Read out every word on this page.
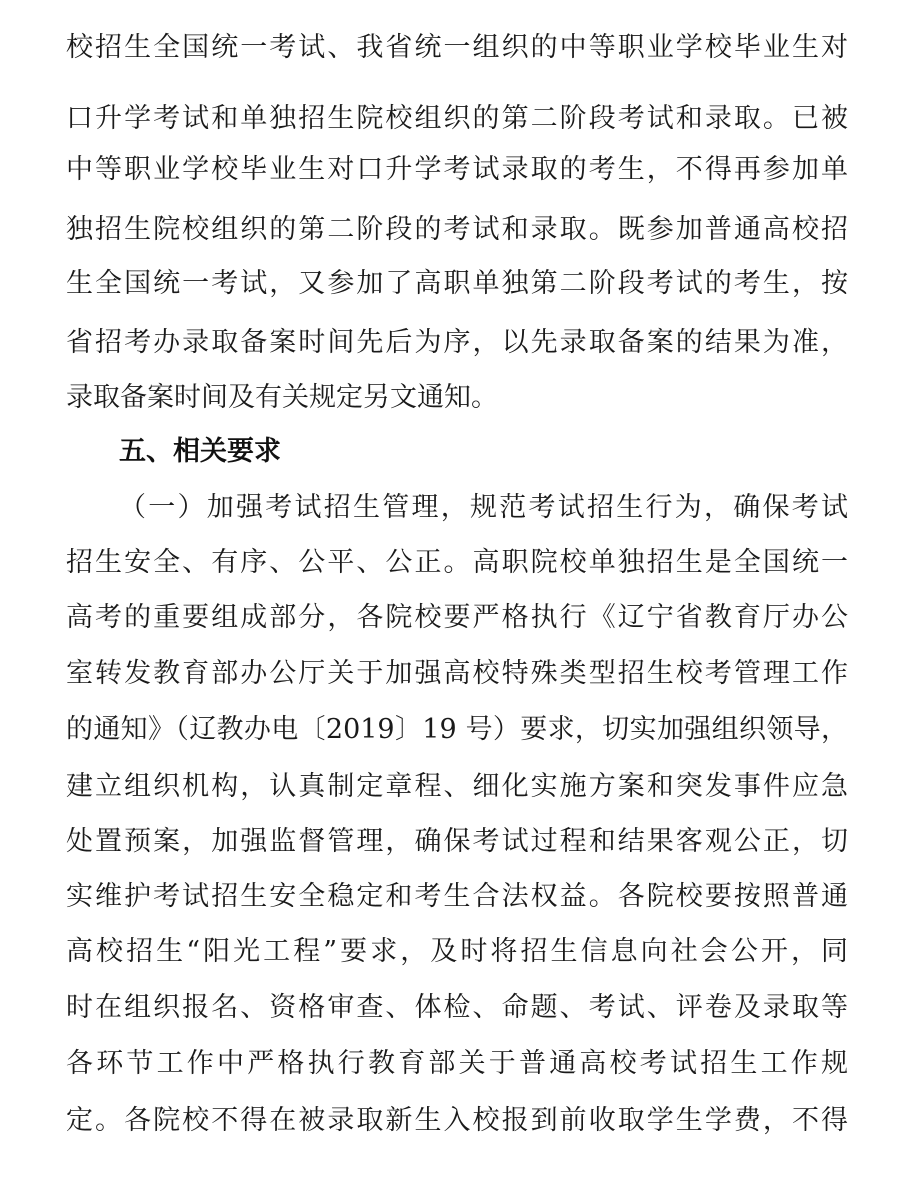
校招生全国统一考试、我省统一组织的中等职业学校毕业生对
口升学考试和单独招生院校组织的第二阶段考试和录取。已被
中等职业学校毕业生对口升学考试录取的考生，不得再参加单
独招生院校组织的第二阶段的考试和录取。既参加普通高校招
生全国统一考试，又参加了高职单独第二阶段考试的考生，按
省招考办录取备案时间先后为序，以先录取备案的结果为准，
录取备案时间及有关规定另文通知。
五、相关要求
（一）加强考试招生管理，规范考试招生行为，确保考试
招生安全、有序、公平、公正。高职院校单独招生是全国统一
高考的重要组成部分，各院校要严格执行《辽宁省教育厅办公
室转发教育部办公厅关于加强高校特殊类型招生校考管理工作
的通知》（辽教办电〔2019〕19 号）要求，切实加强组织领导，
建立组织机构，认真制定章程、细化实施方案和突发事件应急
处置预案，加强监督管理，确保考试过程和结果客观公正，切
实维护考试招生安全稳定和考生合法权益。各院校要按照普通
高校招生“阳光工程”要求，及时将招生信息向社会公开，同
时在组织报名、资格审查、体检、命题、考试、评卷及录取等
各环节工作中严格执行教育部关于普通高校考试招生工作规
定。各院校不得在被录取新生入校报到前收取学生学费，不得
